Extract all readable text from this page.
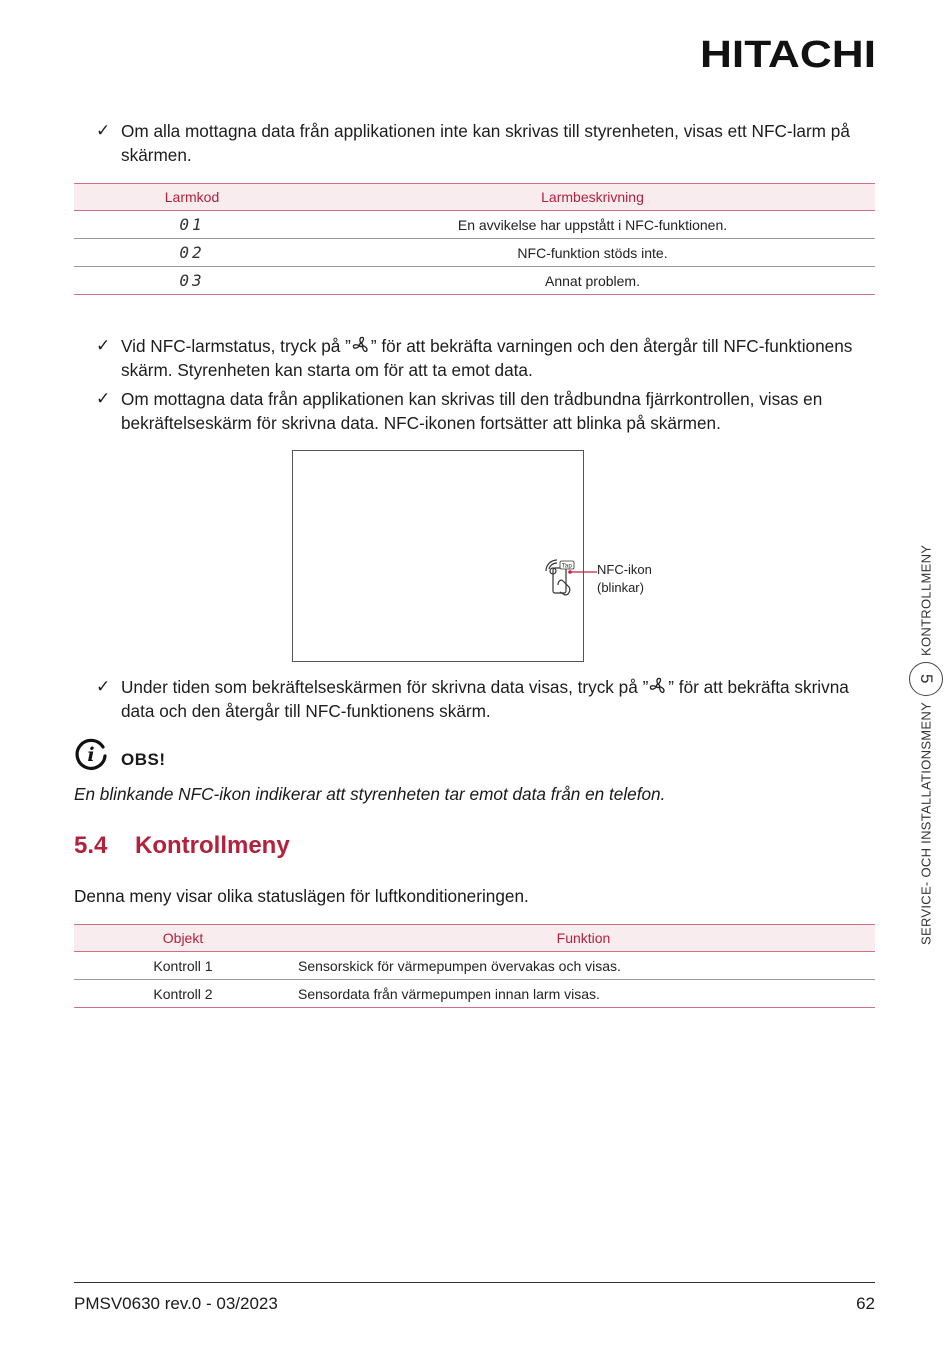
HITACHI
✓ Om alla mottagna data från applikationen inte kan skrivas till styrenheten, visas ett NFC-larm på skärmen.
Larmkod	Larmbeskrivning
01	En avvikelse har uppstått i NFC-funktionen.
02	NFC-funktion stöds inte.
03	Annat problem.
✓ Vid NFC-larmstatus, tryck på ” ” för att bekräfta varningen och den återgår till NFC-funktionens skärm. Styrenheten kan starta om för att ta emot data.
✓ Om mottagna data från applikationen kan skrivas till den trådbundna fjärrkontrollen, visas en bekräftelseskärm för skrivna data. NFC-ikonen fortsätter att blinka på skärmen.
Tap NFC-ikon
(blinkar)
✓ Under tiden som bekräftelseskärmen för skrivna data visas, tryck på ” ” för att bekräfta skrivna data och den återgår till NFC-funktionens skärm.
i OBS!
En blinkande NFC-ikon indikerar att styrenheten tar emot data från en telefon.
5.4 Kontrollmeny
Denna meny visar olika statuslägen för luftkonditioneringen.
Objekt	Funktion
Kontroll 1	Sensorskick för värmepumpen övervakas och visas.
Kontroll 2	Sensordata från värmepumpen innan larm visas.
SERVICE- OCH INSTALLATIONSMENY
5
KONTROLLMENY
PMSV0630 rev.0 - 03/2023	62
